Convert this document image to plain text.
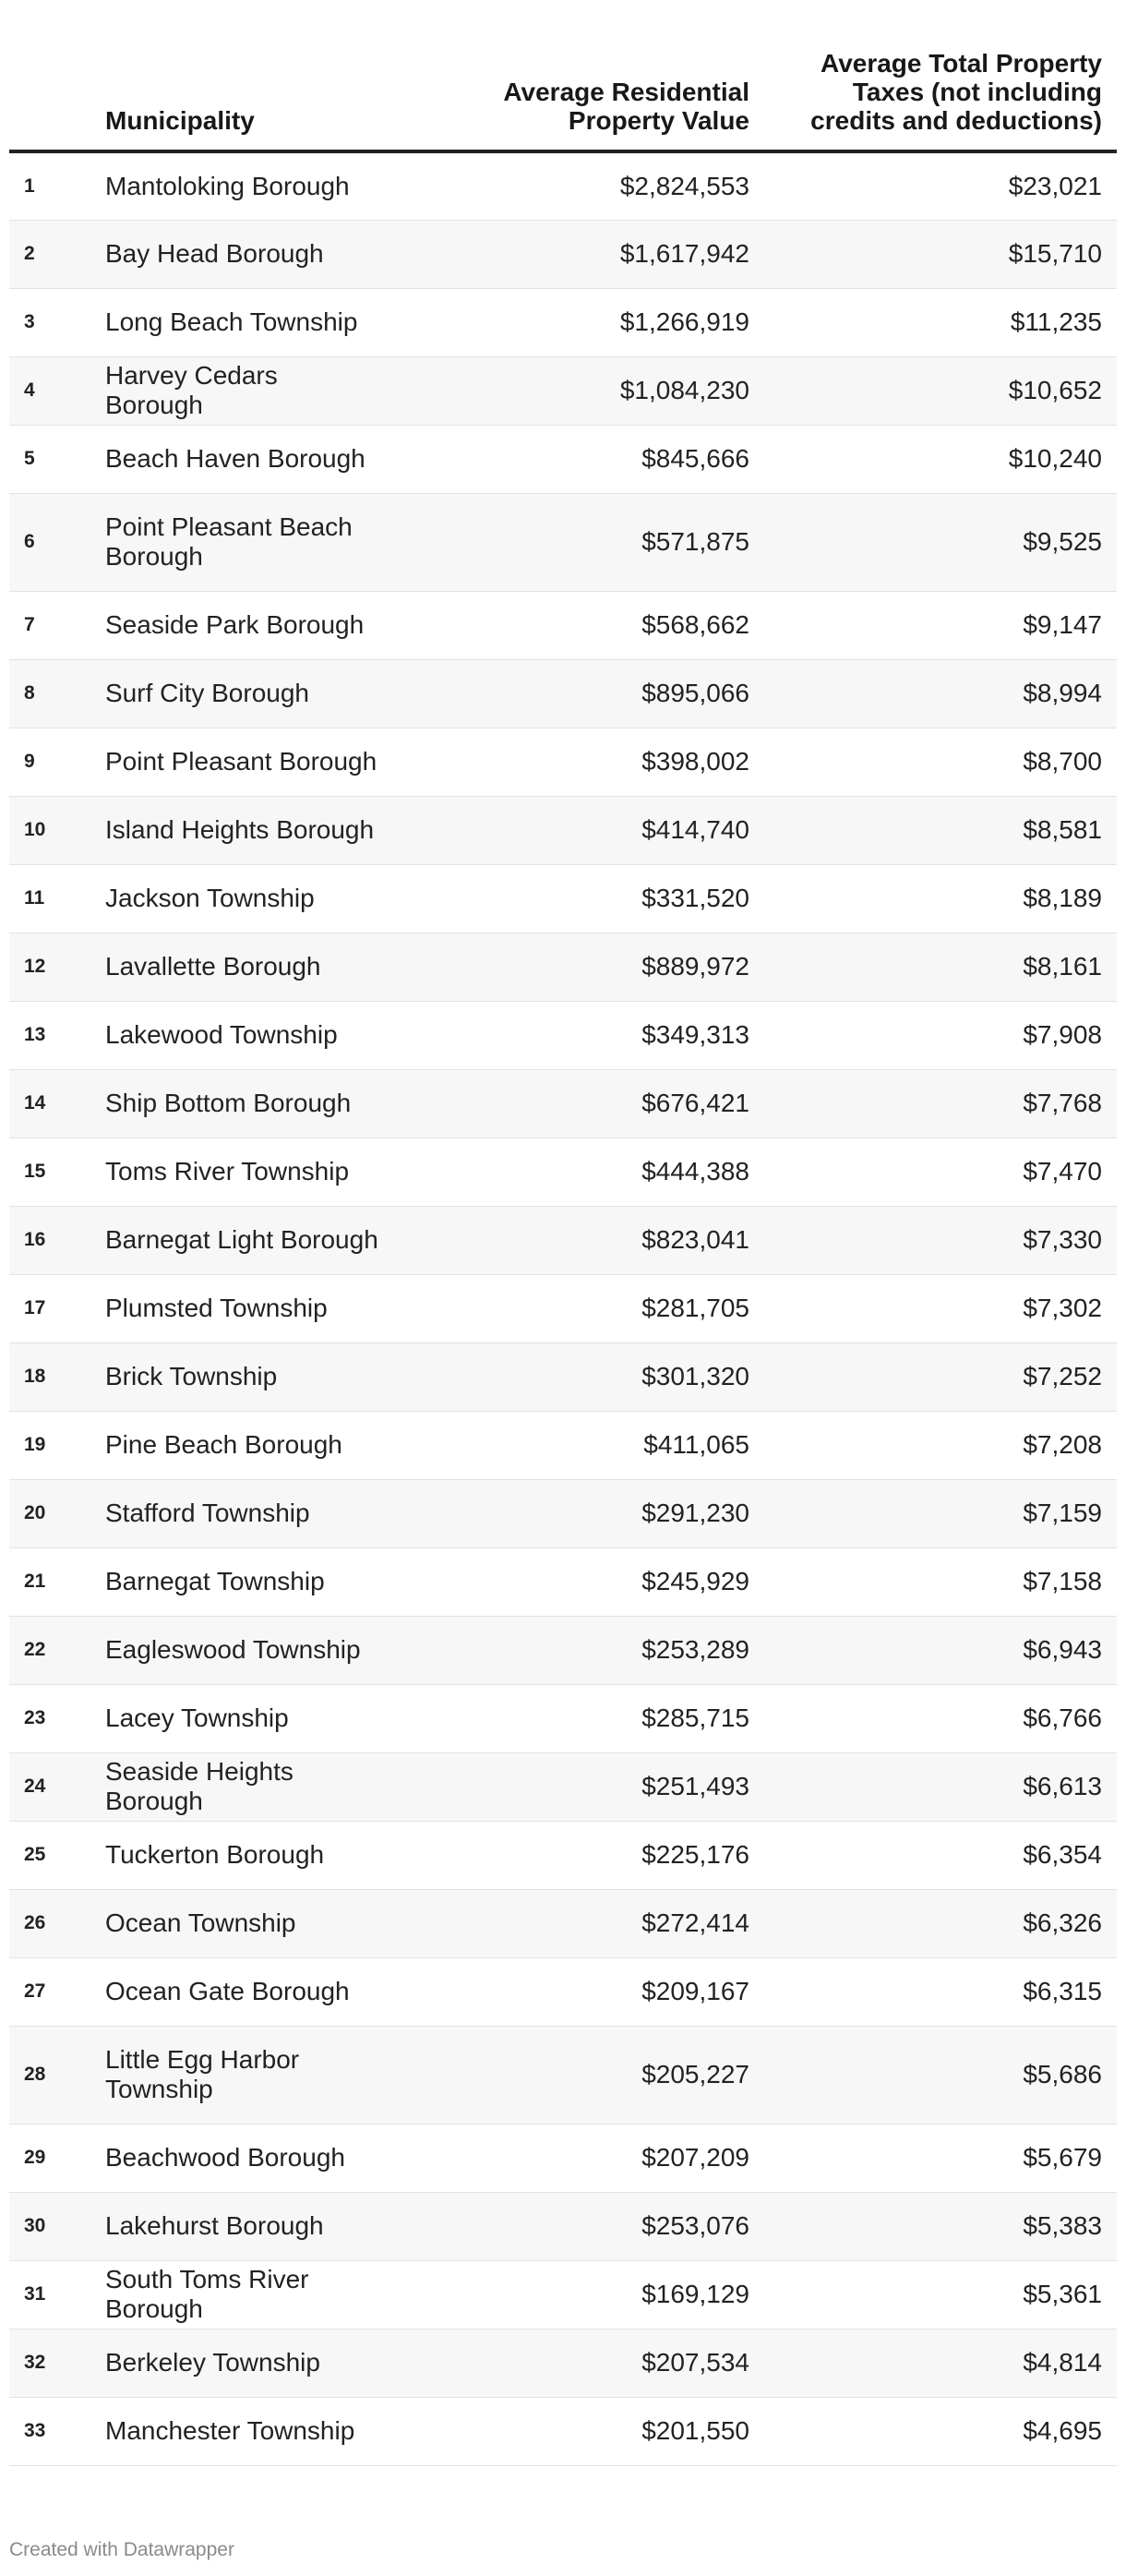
	Municipality	Average Residential Property Value	Average Total Property Taxes (not including credits and deductions)
1	Mantoloking Borough	$2,824,553	$23,021
2	Bay Head Borough	$1,617,942	$15,710
3	Long Beach Township	$1,266,919	$11,235
4	Harvey Cedars Borough	$1,084,230	$10,652
5	Beach Haven Borough	$845,666	$10,240
6	Point Pleasant Beach Borough	$571,875	$9,525
7	Seaside Park Borough	$568,662	$9,147
8	Surf City Borough	$895,066	$8,994
9	Point Pleasant Borough	$398,002	$8,700
10	Island Heights Borough	$414,740	$8,581
11	Jackson Township	$331,520	$8,189
12	Lavallette Borough	$889,972	$8,161
13	Lakewood Township	$349,313	$7,908
14	Ship Bottom Borough	$676,421	$7,768
15	Toms River Township	$444,388	$7,470
16	Barnegat Light Borough	$823,041	$7,330
17	Plumsted Township	$281,705	$7,302
18	Brick Township	$301,320	$7,252
19	Pine Beach Borough	$411,065	$7,208
20	Stafford Township	$291,230	$7,159
21	Barnegat Township	$245,929	$7,158
22	Eagleswood Township	$253,289	$6,943
23	Lacey Township	$285,715	$6,766
24	Seaside Heights Borough	$251,493	$6,613
25	Tuckerton Borough	$225,176	$6,354
26	Ocean Township	$272,414	$6,326
27	Ocean Gate Borough	$209,167	$6,315
28	Little Egg Harbor Township	$205,227	$5,686
29	Beachwood Borough	$207,209	$5,679
30	Lakehurst Borough	$253,076	$5,383
31	South Toms River Borough	$169,129	$5,361
32	Berkeley Township	$207,534	$4,814
33	Manchester Township	$201,550	$4,695
Created with Datawrapper
